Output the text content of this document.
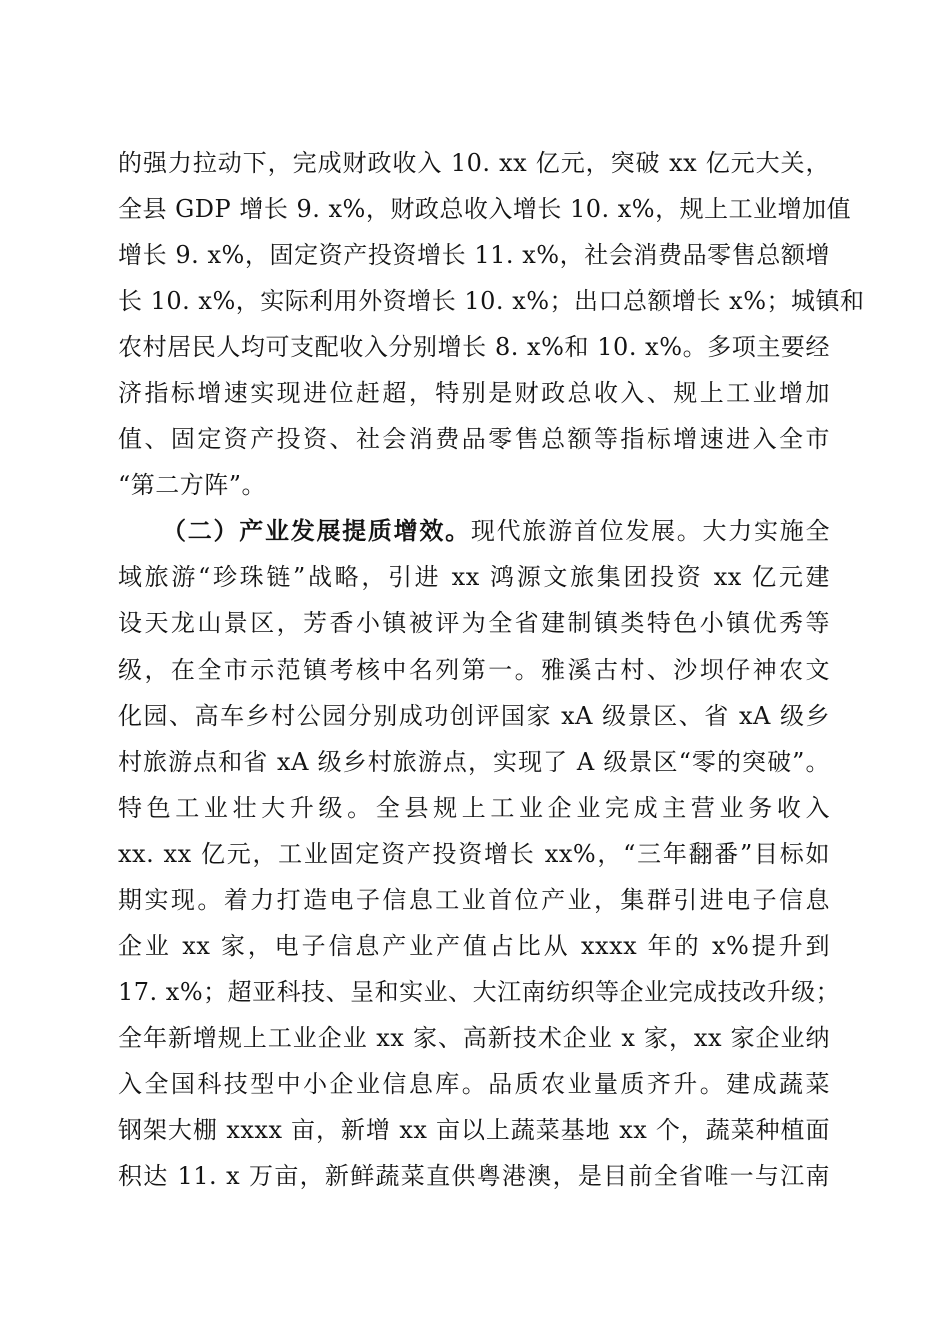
的强力拉动下，完成财政收入 10. xx 亿元，突破 xx 亿元大关，
全县 GDP 增长 9. x%，财政总收入增长 10. x%，规上工业增加值
增长 9. x%，固定资产投资增长 11. x%，社会消费品零售总额增
长 10. x%，实际利用外资增长 10. x%；出口总额增长 x%；城镇和
农村居民人均可支配收入分别增长 8. x%和 10. x%。多项主要经
济指标增速实现进位赶超，特别是财政总收入、规上工业增加
值、固定资产投资、社会消费品零售总额等指标增速进入全市
“第二方阵”。
（二）产业发展提质增效。现代旅游首位发展。大力实施全
域旅游“珍珠链”战略，引进 xx 鸿源文旅集团投资 xx 亿元建
设天龙山景区，芳香小镇被评为全省建制镇类特色小镇优秀等
级，在全市示范镇考核中名列第一。雅溪古村、沙坝仔神农文
化园、高车乡村公园分别成功创评国家 xA 级景区、省 xA 级乡
村旅游点和省 xA 级乡村旅游点，实现了 A 级景区“零的突破”。
特色工业壮大升级。全县规上工业企业完成主营业务收入
xx. xx 亿元，工业固定资产投资增长 xx%，“三年翻番”目标如
期实现。着力打造电子信息工业首位产业，集群引进电子信息
企业 xx 家，电子信息产业产值占比从 xxxx 年的 x%提升到
17. x%；超亚科技、呈和实业、大江南纺织等企业完成技改升级；
全年新增规上工业企业 xx 家、高新技术企业 x 家，xx 家企业纳
入全国科技型中小企业信息库。品质农业量质齐升。建成蔬菜
钢架大棚 xxxx 亩，新增 xx 亩以上蔬菜基地 xx 个，蔬菜种植面
积达 11. x 万亩，新鲜蔬菜直供粤港澳，是目前全省唯一与江南
